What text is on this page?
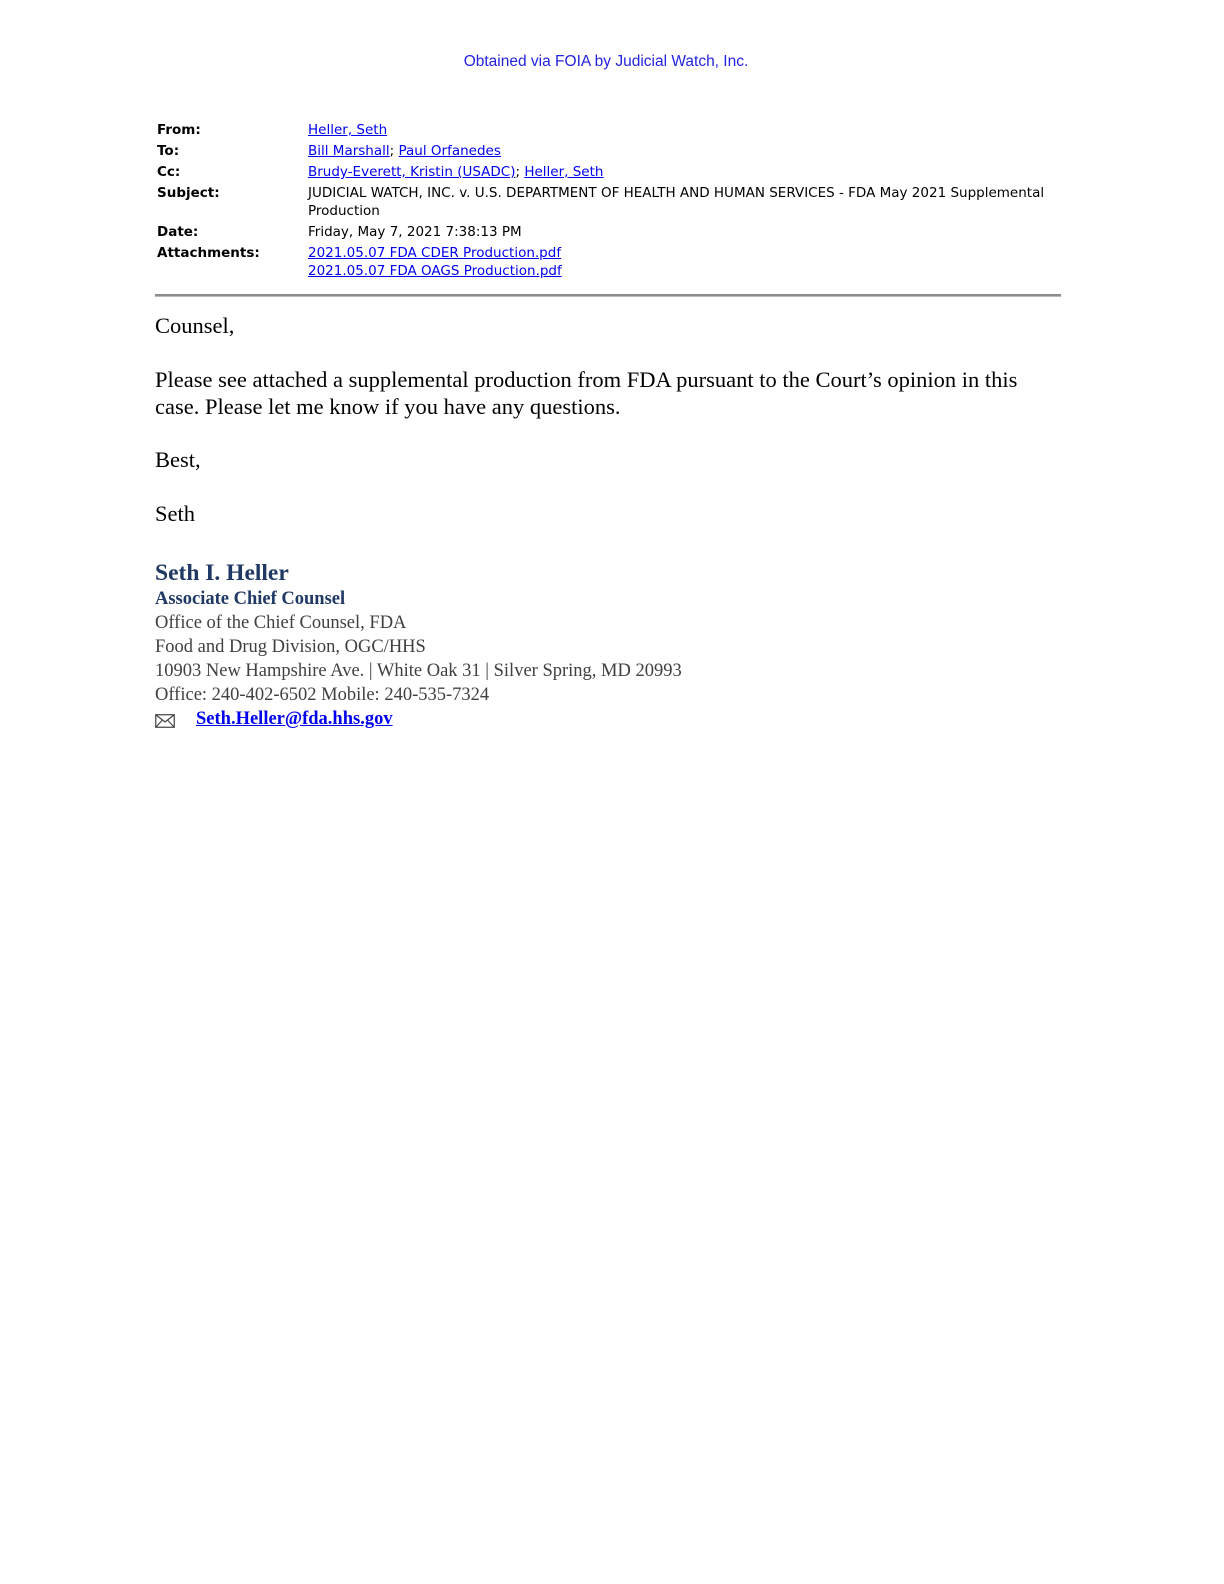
Obtained via FOIA by Judicial Watch, Inc.
From:	Heller, Seth
To:	Bill Marshall; Paul Orfanedes
Cc:	Brudy-Everett, Kristin (USADC); Heller, Seth
Subject:	JUDICIAL WATCH, INC. v. U.S. DEPARTMENT OF HEALTH AND HUMAN SERVICES - FDA May 2021 Supplemental
Production
Date:	Friday, May 7, 2021 7:38:13 PM
Attachments:	2021.05.07 FDA CDER Production.pdf
2021.05.07 FDA OAGS Production.pdf

Counsel,

Please see attached a supplemental production from FDA pursuant to the Court’s opinion in this case. Please let me know if you have any questions.

Best,

Seth

Seth I. Heller
Associate Chief Counsel
Office of the Chief Counsel, FDA
Food and Drug Division, OGC/HHS
10903 New Hampshire Ave. | White Oak 31 | Silver Spring, MD 20993
Office: 240-402-6502 Mobile: 240-535-7324
Seth.Heller@fda.hhs.gov
